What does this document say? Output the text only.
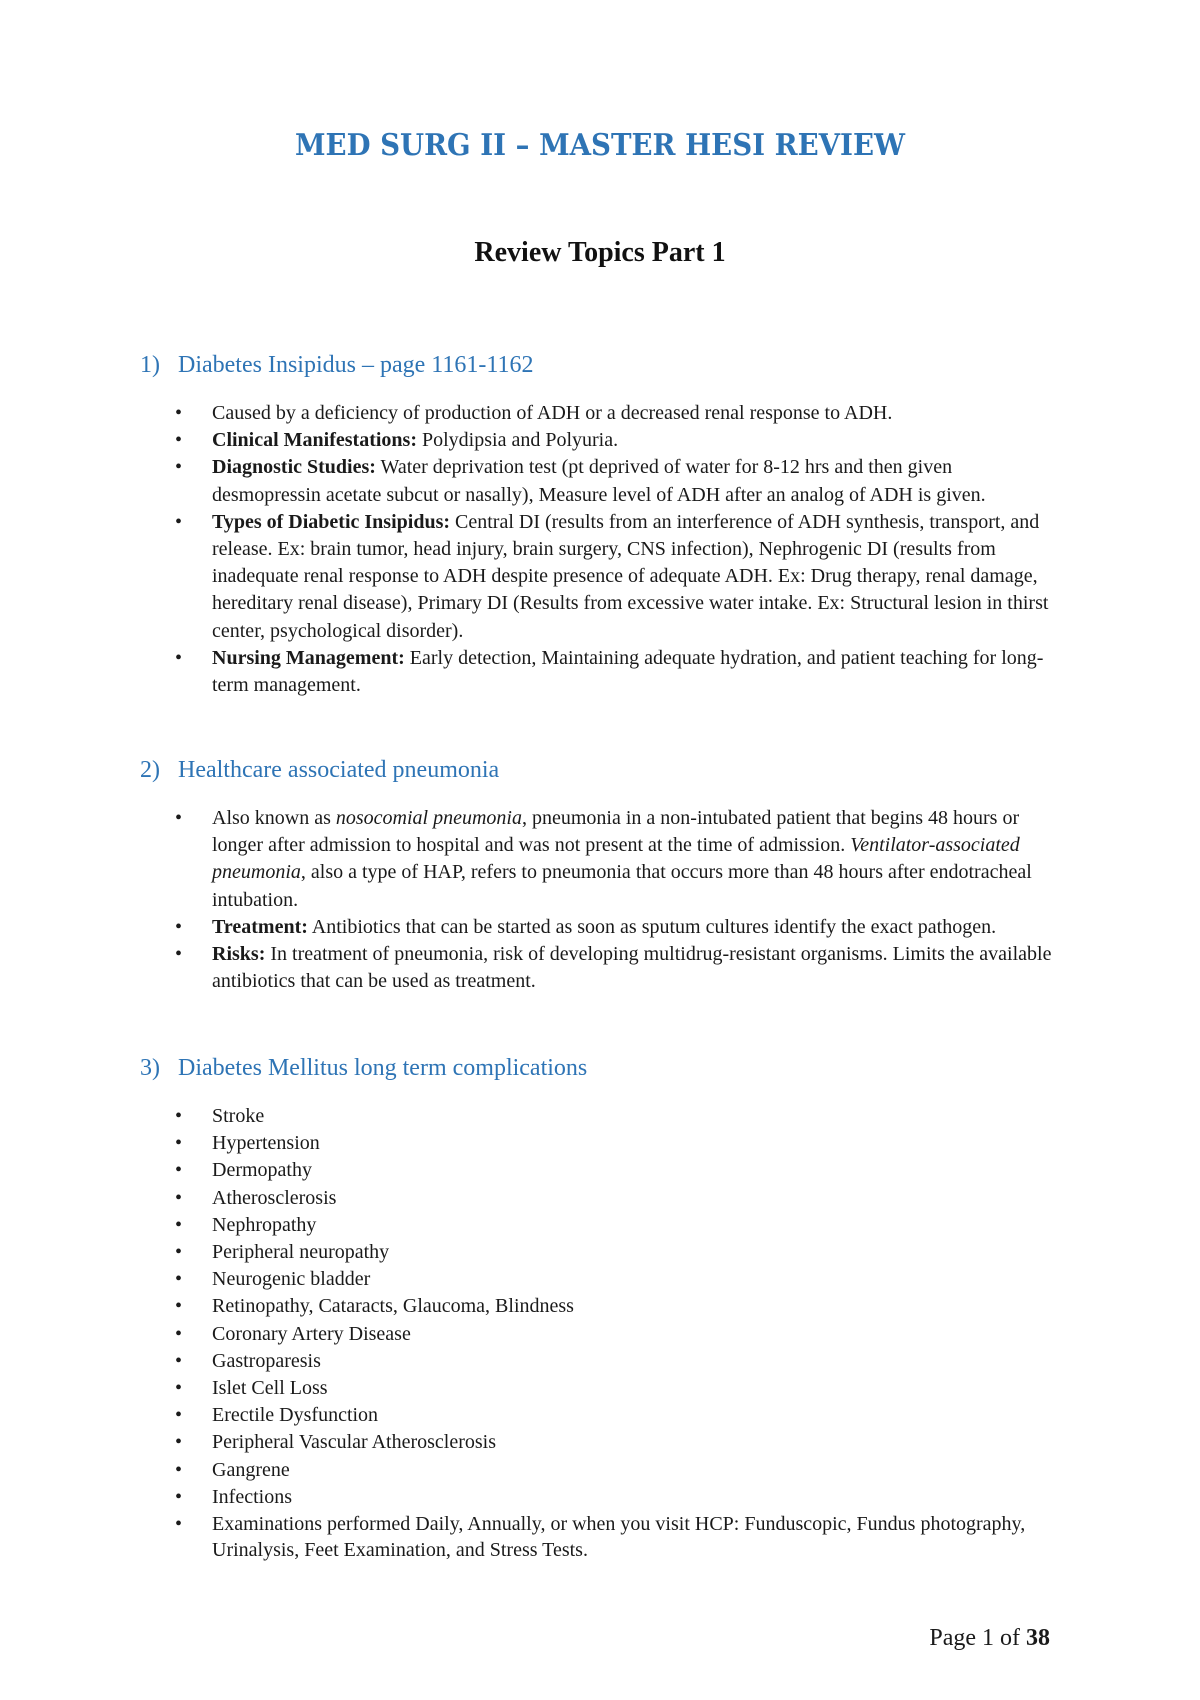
MED SURG II – MASTER HESI REVIEW
Review Topics Part 1
1) Diabetes Insipidus – page 1161-1162
• Caused by a deficiency of production of ADH or a decreased renal response to ADH.
• Clinical Manifestations: Polydipsia and Polyuria.
• Diagnostic Studies: Water deprivation test (pt deprived of water for 8-12 hrs and then given desmopressin acetate subcut or nasally), Measure level of ADH after an analog of ADH is given.
• Types of Diabetic Insipidus: Central DI (results from an interference of ADH synthesis, transport, and release. Ex: brain tumor, head injury, brain surgery, CNS infection), Nephrogenic DI (results from inadequate renal response to ADH despite presence of adequate ADH. Ex: Drug therapy, renal damage, hereditary renal disease), Primary DI (Results from excessive water intake. Ex: Structural lesion in thirst center, psychological disorder).
• Nursing Management: Early detection, Maintaining adequate hydration, and patient teaching for long-term management.
2) Healthcare associated pneumonia
• Also known as nosocomial pneumonia, pneumonia in a non-intubated patient that begins 48 hours or longer after admission to hospital and was not present at the time of admission. Ventilator-associated pneumonia, also a type of HAP, refers to pneumonia that occurs more than 48 hours after endotracheal intubation.
• Treatment: Antibiotics that can be started as soon as sputum cultures identify the exact pathogen.
• Risks: In treatment of pneumonia, risk of developing multidrug-resistant organisms. Limits the available antibiotics that can be used as treatment.
3) Diabetes Mellitus long term complications
• Stroke
• Hypertension
• Dermopathy
• Atherosclerosis
• Nephropathy
• Peripheral neuropathy
• Neurogenic bladder
• Retinopathy, Cataracts, Glaucoma, Blindness
• Coronary Artery Disease
• Gastroparesis
• Islet Cell Loss
• Erectile Dysfunction
• Peripheral Vascular Atherosclerosis
• Gangrene
• Infections
• Examinations performed Daily, Annually, or when you visit HCP: Funduscopic, Fundus photography, Urinalysis, Feet Examination, and Stress Tests.
Page 1 of 38
